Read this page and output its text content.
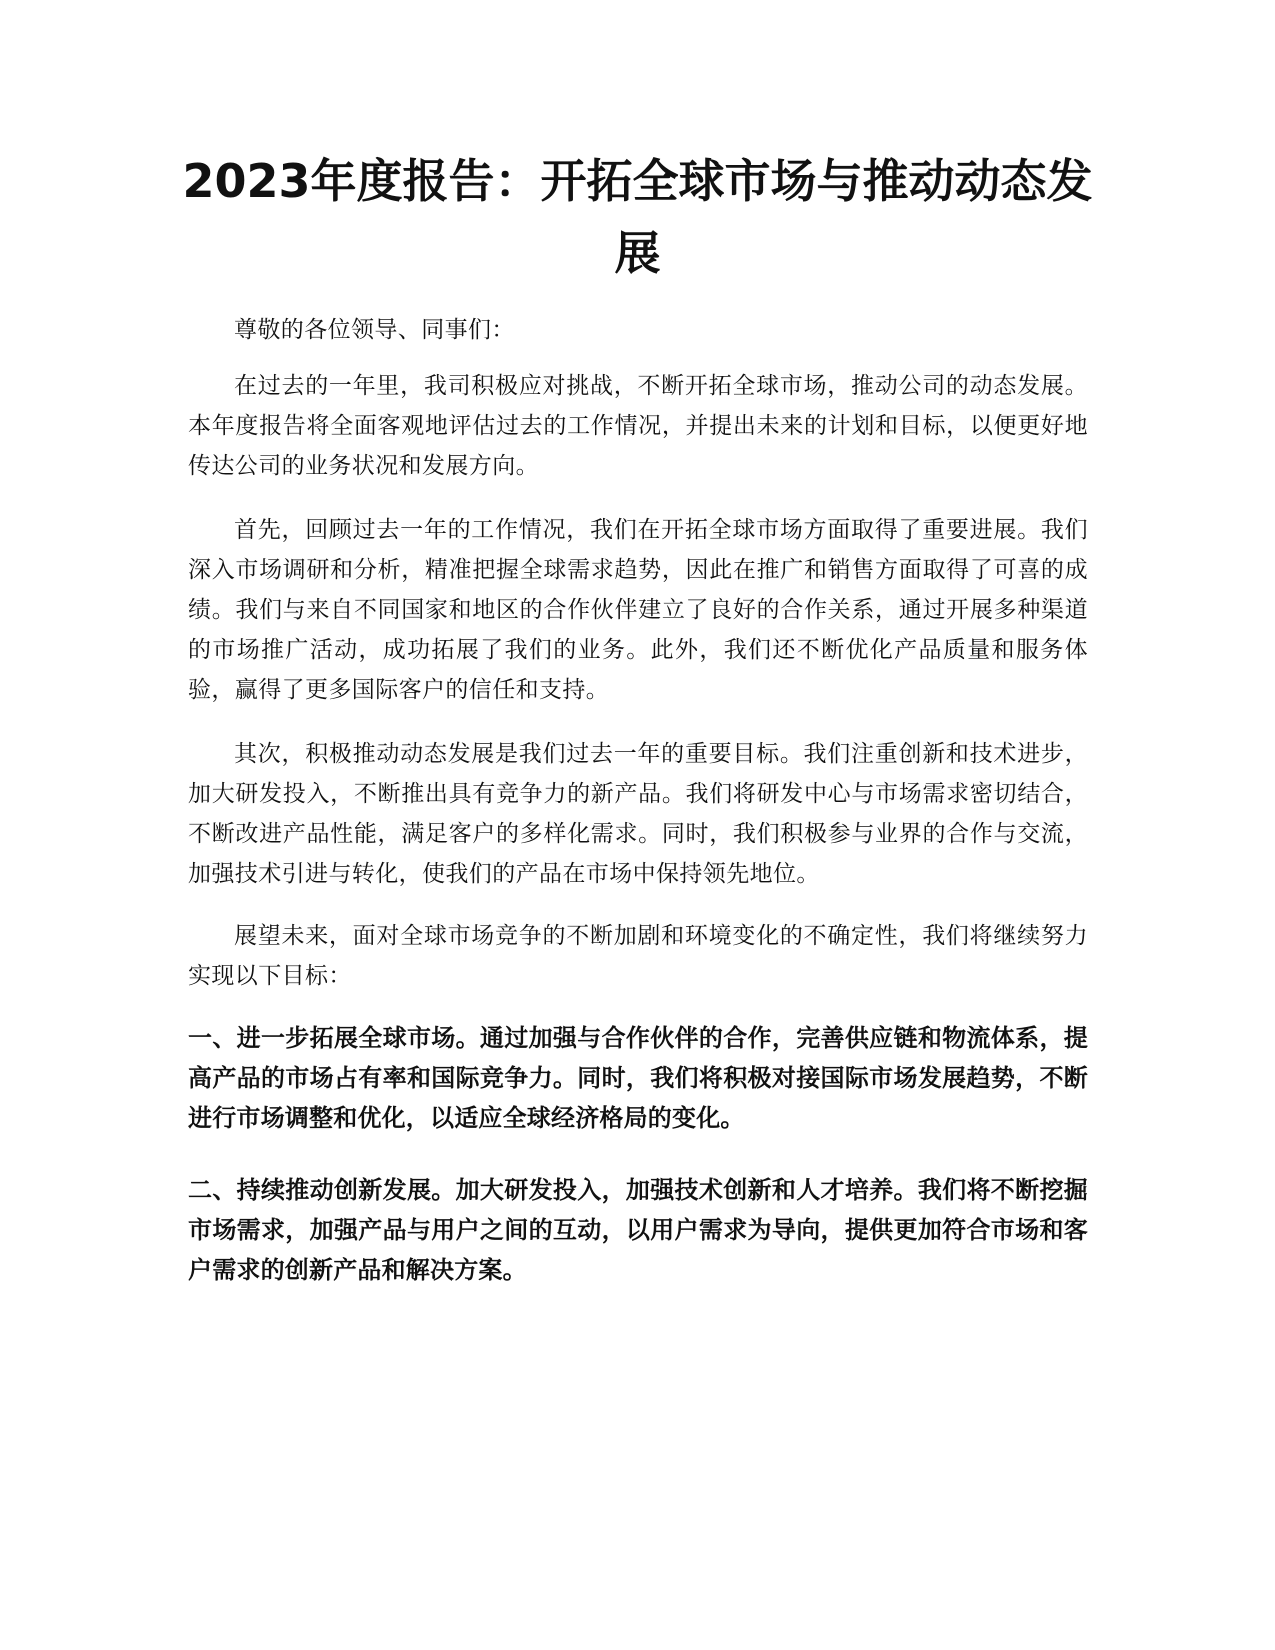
2023年度报告：开拓全球市场与推动动态发展

尊敬的各位领导、同事们：

在过去的一年里，我司积极应对挑战，不断开拓全球市场，推动公司的动态发展。本年度报告将全面客观地评估过去的工作情况，并提出未来的计划和目标，以便更好地传达公司的业务状况和发展方向。

首先，回顾过去一年的工作情况，我们在开拓全球市场方面取得了重要进展。我们深入市场调研和分析，精准把握全球需求趋势，因此在推广和销售方面取得了可喜的成绩。我们与来自不同国家和地区的合作伙伴建立了良好的合作关系，通过开展多种渠道的市场推广活动，成功拓展了我们的业务。此外，我们还不断优化产品质量和服务体验，赢得了更多国际客户的信任和支持。

其次，积极推动动态发展是我们过去一年的重要目标。我们注重创新和技术进步，加大研发投入，不断推出具有竞争力的新产品。我们将研发中心与市场需求密切结合，不断改进产品性能，满足客户的多样化需求。同时，我们积极参与业界的合作与交流，加强技术引进与转化，使我们的产品在市场中保持领先地位。

展望未来，面对全球市场竞争的不断加剧和环境变化的不确定性，我们将继续努力实现以下目标：

一、进一步拓展全球市场。通过加强与合作伙伴的合作，完善供应链和物流体系，提高产品的市场占有率和国际竞争力。同时，我们将积极对接国际市场发展趋势，不断进行市场调整和优化，以适应全球经济格局的变化。

二、持续推动创新发展。加大研发投入，加强技术创新和人才培养。我们将不断挖掘市场需求，加强产品与用户之间的互动，以用户需求为导向，提供更加符合市场和客户需求的创新产品和解决方案。
